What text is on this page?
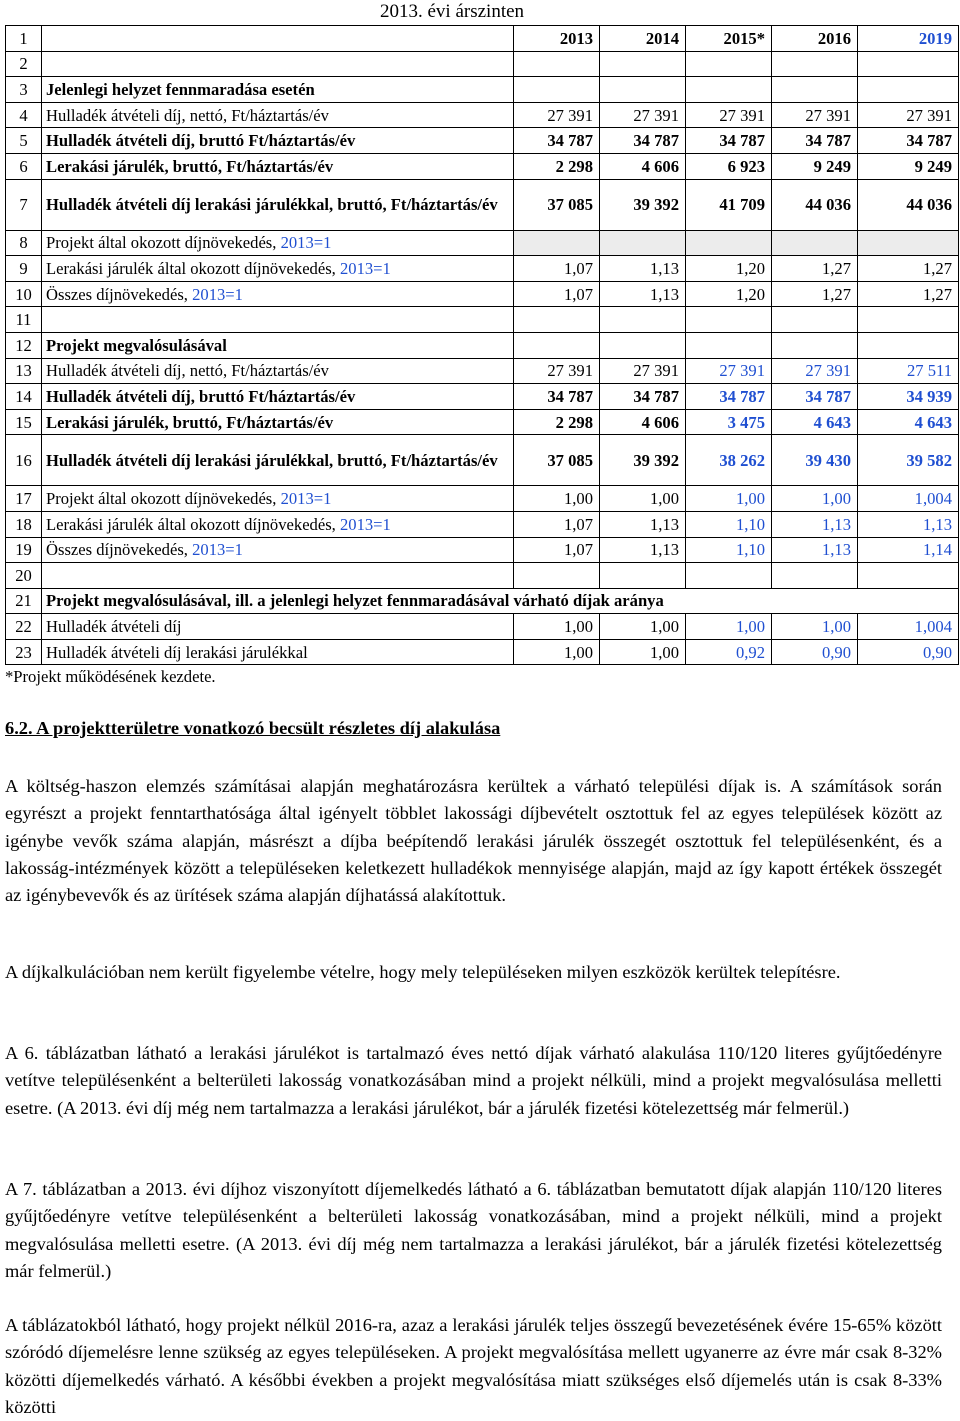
2013. évi árszinten
1		2013	2014	2015*	2016	2019
2						
3	Jelenlegi helyzet fennmaradása esetén					
4	Hulladék átvételi díj, nettó, Ft/háztartás/év	27 391	27 391	27 391	27 391	27 391
5	Hulladék átvételi díj, bruttó Ft/háztartás/év	34 787	34 787	34 787	34 787	34 787
6	Lerakási járulék, bruttó, Ft/háztartás/év	2 298	4 606	6 923	9 249	9 249
7	Hulladék átvételi díj lerakási járulékkal, bruttó, Ft/háztartás/év	37 085	39 392	41 709	44 036	44 036
8	Projekt által okozott díjnövekedés, 2013=1					
9	Lerakási járulék által okozott díjnövekedés, 2013=1	1,07	1,13	1,20	1,27	1,27
10	Összes díjnövekedés, 2013=1	1,07	1,13	1,20	1,27	1,27
11						
12	Projekt megvalósulásával					
13	Hulladék átvételi díj, nettó, Ft/háztartás/év	27 391	27 391	27 391	27 391	27 511
14	Hulladék átvételi díj, bruttó Ft/háztartás/év	34 787	34 787	34 787	34 787	34 939
15	Lerakási járulék, bruttó, Ft/háztartás/év	2 298	4 606	3 475	4 643	4 643
16	Hulladék átvételi díj lerakási járulékkal, bruttó, Ft/háztartás/év	37 085	39 392	38 262	39 430	39 582
17	Projekt által okozott díjnövekedés, 2013=1	1,00	1,00	1,00	1,00	1,004
18	Lerakási járulék által okozott díjnövekedés, 2013=1	1,07	1,13	1,10	1,13	1,13
19	Összes díjnövekedés, 2013=1	1,07	1,13	1,10	1,13	1,14
20						
21	Projekt megvalósulásával, ill. a jelenlegi helyzet fennmaradásával várható díjak aránya					
22	Hulladék átvételi díj	1,00	1,00	1,00	1,00	1,004
23	Hulladék átvételi díj lerakási járulékkal	1,00	1,00	0,92	0,90	0,90
*Projekt működésének kezdete.
6.2. A projektterületre vonatkozó becsült részletes díj alakulása

A költség-haszon elemzés számításai alapján meghatározásra kerültek a várható települési díjak is. A számítások során egyrészt a projekt fenntarthatósága által igényelt többlet lakossági díjbevételt osztottuk fel az egyes települések között az igénybe vevők száma alapján, másrészt a díjba beépítendő lerakási járulék összegét osztottuk fel településenként, és a lakosság-intézmények között a településeken keletkezett hulladékok mennyisége alapján, majd az így kapott értékek összegét az igénybevevők és az ürítések száma alapján díjhatássá alakítottuk.

A díjkalkulációban nem került figyelembe vételre, hogy mely településeken milyen eszközök kerültek telepítésre.

A 6. táblázatban látható a lerakási járulékot is tartalmazó éves nettó díjak várható alakulása 110/120 literes gyűjtőedényre vetítve településenként a belterületi lakosság vonatkozásában mind a projekt nélküli, mind a projekt megvalósulása melletti esetre. (A 2013. évi díj még nem tartalmazza a lerakási járulékot, bár a járulék fizetési kötelezettség már felmerül.)

A 7. táblázatban a 2013. évi díjhoz viszonyított díjemelkedés látható a 6. táblázatban bemutatott díjak alapján 110/120 literes gyűjtőedényre vetítve településenként a belterületi lakosság vonatkozásában, mind a projekt nélküli, mind a projekt megvalósulása melletti esetre. (A 2013. évi díj még nem tartalmazza a lerakási járulékot, bár a járulék fizetési kötelezettség már felmerül.)

A táblázatokból látható, hogy projekt nélkül 2016-ra, azaz a lerakási járulék teljes összegű bevezetésének évére 15-65% között szóródó díjemelésre lenne szükség az egyes településeken. A projekt megvalósítása mellett ugyanerre az évre már csak 8-32% közötti díjemelkedés várható. A későbbi években a projekt megvalósítása miatt szükséges első díjemelés után is csak 8-33% közötti
